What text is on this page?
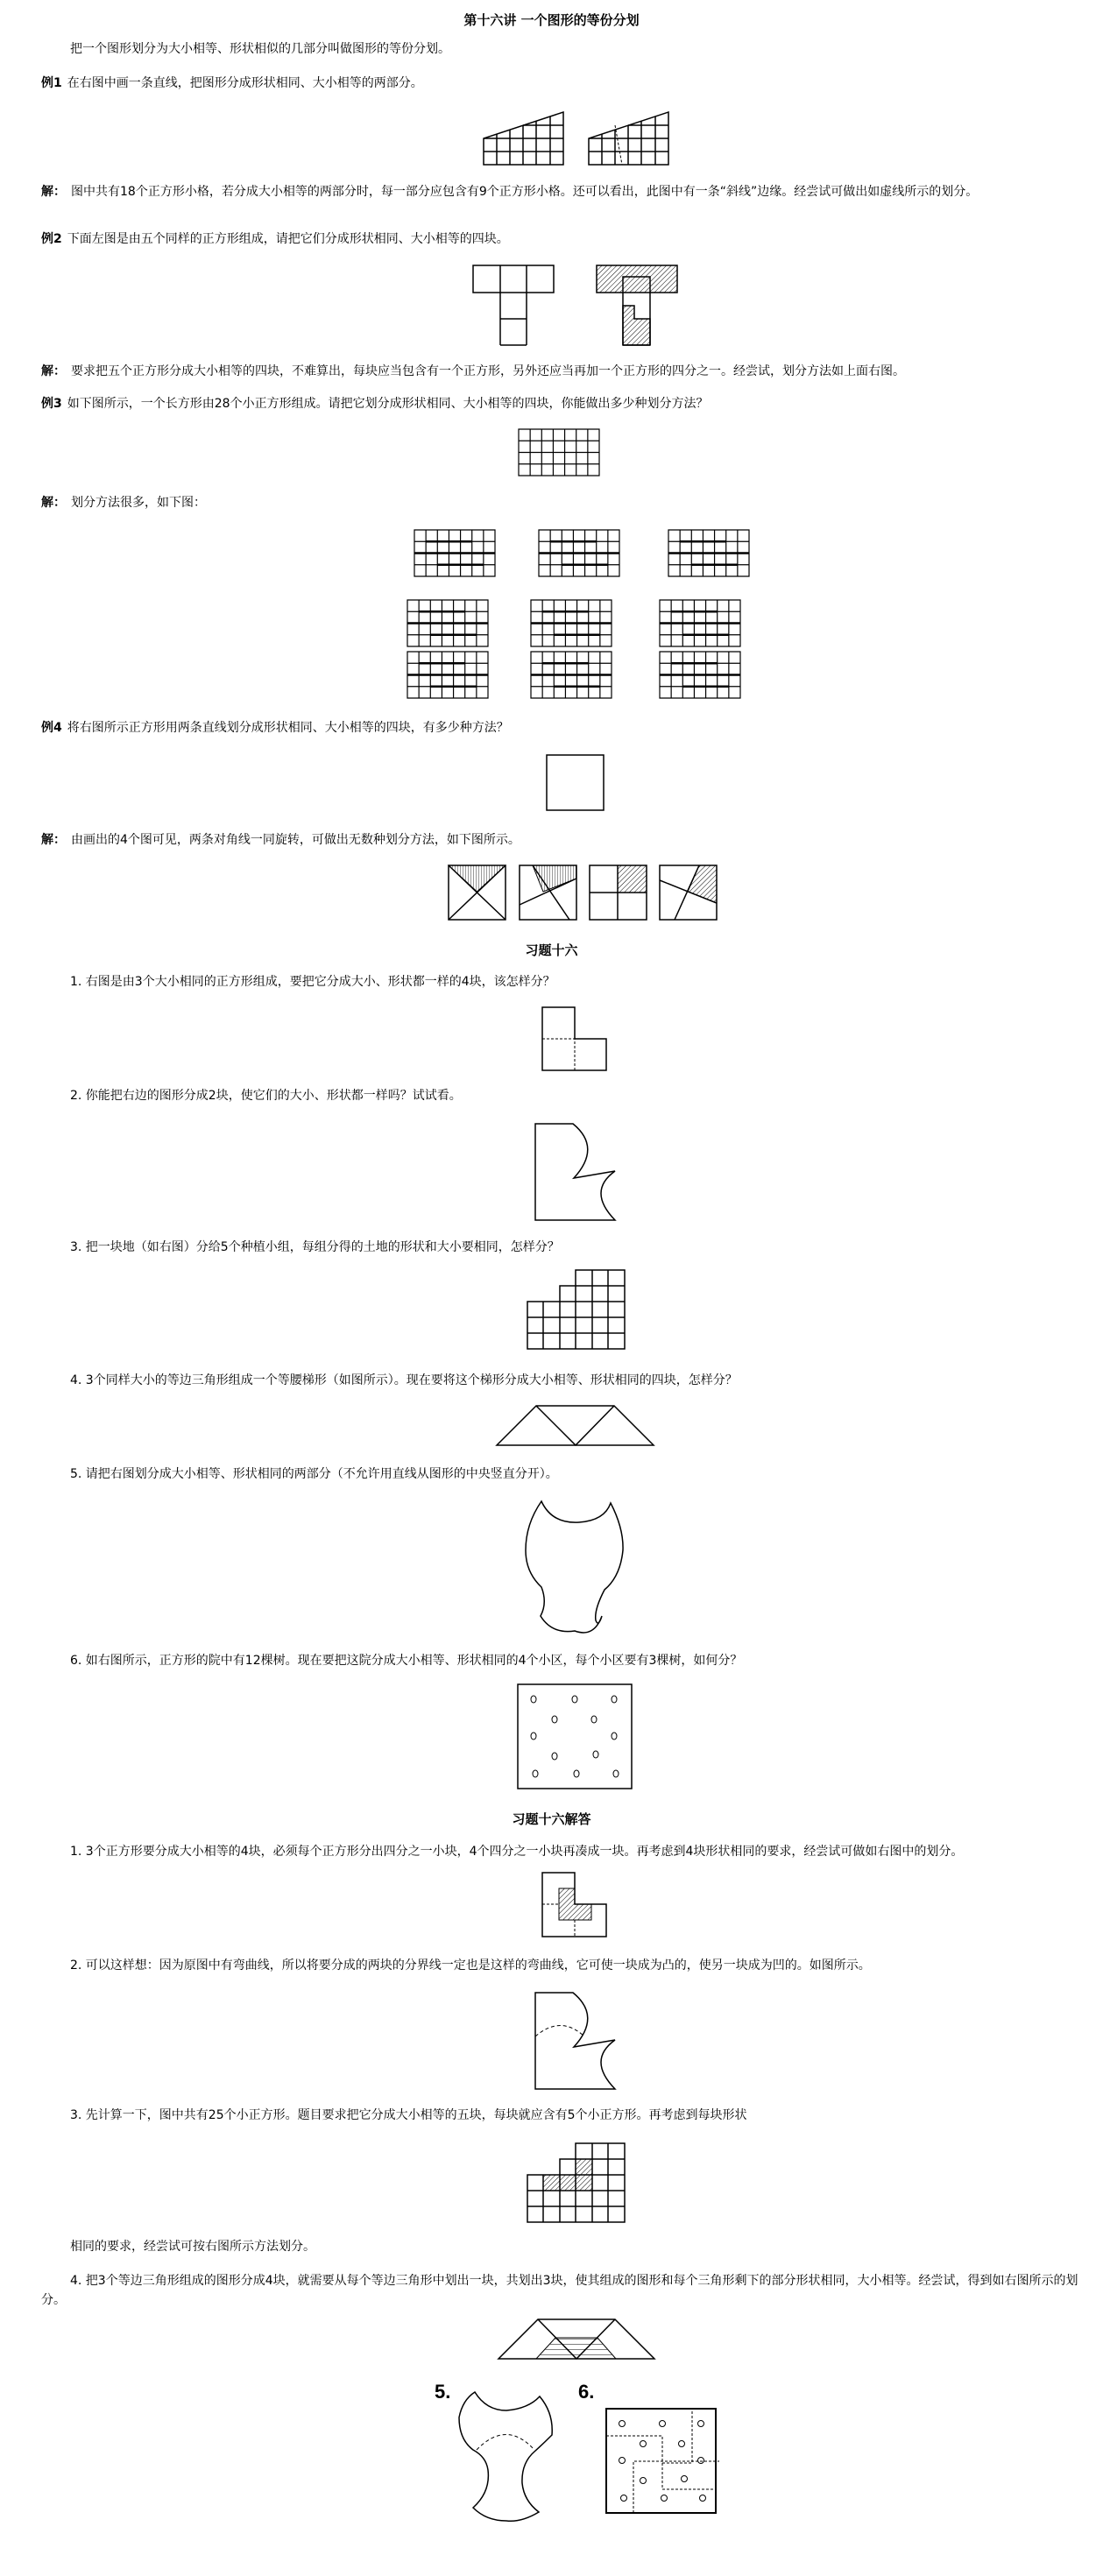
第十六讲 一个图形的等份分划
把一个图形划分为大小相等、形状相似的几部分叫做图形的等份分划。
例1 在右图中画一条直线，把图形分成形状相同、大小相等的两部分。
解： 图中共有18个正方形小格，若分成大小相等的两部分时，每一部分应包含有9个正方形小格。还可以看出，此图中有一条“斜线”边缘。经尝试可做出如虚线所示的划分。
例2 下面左图是由五个同样的正方形组成，请把它们分成形状相同、大小相等的四块。
解： 要求把五个正方形分成大小相等的四块，不难算出，每块应当包含有一个正方形，另外还应当再加一个正方形的四分之一。经尝试，划分方法如上面右图。
例3 如下图所示，一个长方形由28个小正方形组成。请把它划分成形状相同、大小相等的四块，你能做出多少种划分方法？
解： 划分方法很多，如下图：
例4 将右图所示正方形用两条直线划分成形状相同、大小相等的四块，有多少种方法？
解： 由画出的4个图可见，两条对角线一同旋转，可做出无数种划分方法，如下图所示。
习题十六
1. 右图是由3个大小相同的正方形组成，要把它分成大小、形状都一样的4块，该怎样分？
2. 你能把右边的图形分成2块，使它们的大小、形状都一样吗？试试看。
3. 把一块地（如右图）分给5个种植小组，每组分得的土地的形状和大小要相同，怎样分？
4. 3个同样大小的等边三角形组成一个等腰梯形（如图所示）。现在要将这个梯形分成大小相等、形状相同的四块，怎样分？
5. 请把右图划分成大小相等、形状相同的两部分（不允许用直线从图形的中央竖直分开）。
6. 如右图所示，正方形的院中有12棵树。现在要把这院分成大小相等、形状相同的4个小区，每个小区要有3棵树，如何分？
习题十六解答
1. 3个正方形要分成大小相等的4块，必须每个正方形分出四分之一小块，4个四分之一小块再凑成一块。再考虑到4块形状相同的要求，经尝试可做如右图中的划分。
2. 可以这样想：因为原图中有弯曲线，所以将要分成的两块的分界线一定也是这样的弯曲线，它可使一块成为凸的，使另一块成为凹的。如图所示。
3. 先计算一下，图中共有25个小正方形。题目要求把它分成大小相等的五块，每块就应含有5个小正方形。再考虑到每块形状
相同的要求，经尝试可按右图所示方法划分。
4. 把3个等边三角形组成的图形分成4块，就需要从每个等边三角形中划出一块，共划出3块，使其组成的图形和每个三角形剩下的部分形状相同，大小相等。经尝试，得到如右图所示的划分。
5.	6.
